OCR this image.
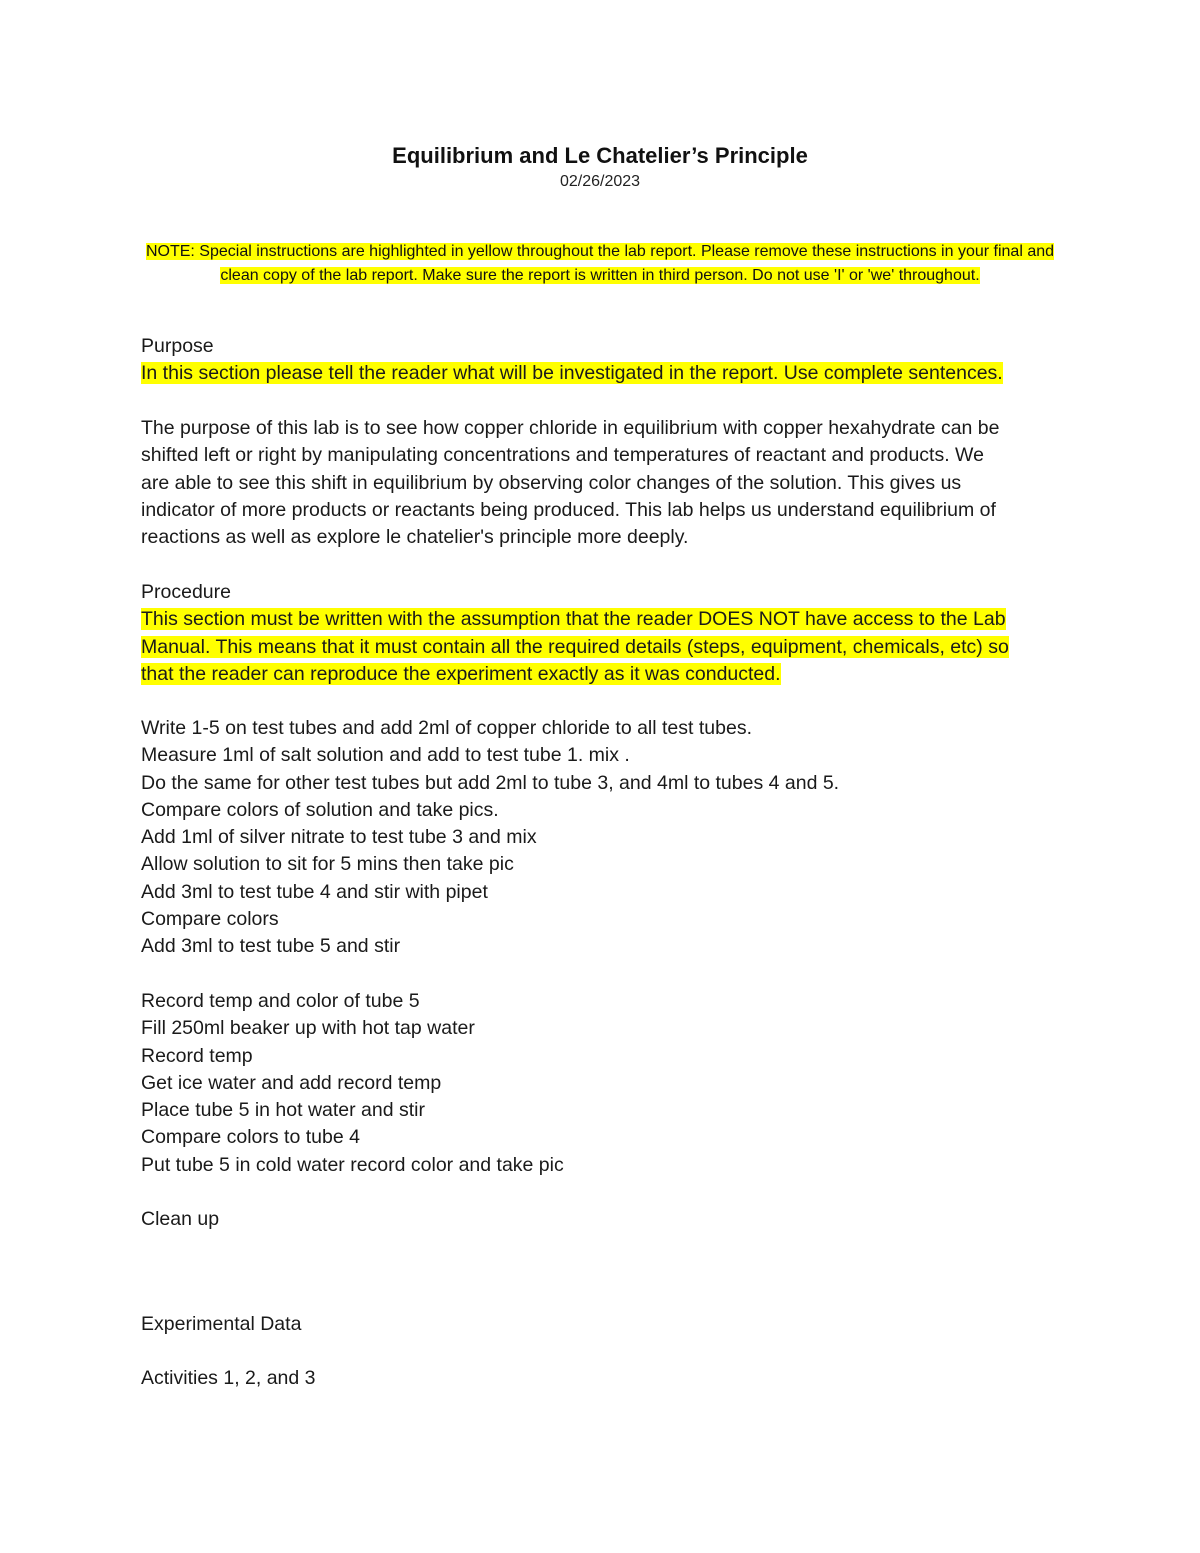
Equilibrium and Le Chatelier’s Principle
02/26/2023
NOTE: Special instructions are highlighted in yellow throughout the lab report. Please remove these instructions in your final and clean copy of the lab report. Make sure the report is written in third person. Do not use 'I' or 'we' throughout.
Purpose
In this section please tell the reader what will be investigated in the report. Use complete sentences.
The purpose of this lab is to see how copper chloride in equilibrium with copper hexahydrate can be
shifted left or right by manipulating concentrations and temperatures of reactant and products. We
are able to see this shift in equilibrium by observing color changes of the solution. This gives us
indicator of more products or reactants being produced. This lab helps us understand equilibrium of
reactions as well as explore le chatelier's principle more deeply.
Procedure
This section must be written with the assumption that the reader DOES NOT have access to the Lab
Manual. This means that it must contain all the required details (steps, equipment, chemicals, etc) so
that the reader can reproduce the experiment exactly as it was conducted.
Write 1-5 on test tubes and add 2ml of copper chloride to all test tubes.
Measure 1ml of salt solution and add to test tube 1. mix .
Do the same for other test tubes but add 2ml to tube 3, and 4ml to tubes 4 and 5.
Compare colors of solution and take pics.
Add 1ml of silver nitrate to test tube 3 and mix
Allow solution to sit for 5 mins then take pic
Add 3ml to test tube 4 and stir with pipet
Compare colors
Add 3ml to test tube 5 and stir
Record temp and color of tube 5
Fill 250ml beaker up with hot tap water
Record temp
Get ice water and add record temp
Place tube 5 in hot water and stir
Compare colors to tube 4
Put tube 5 in cold water record color and take pic
Clean up
Experimental Data
Activities 1, 2, and 3
